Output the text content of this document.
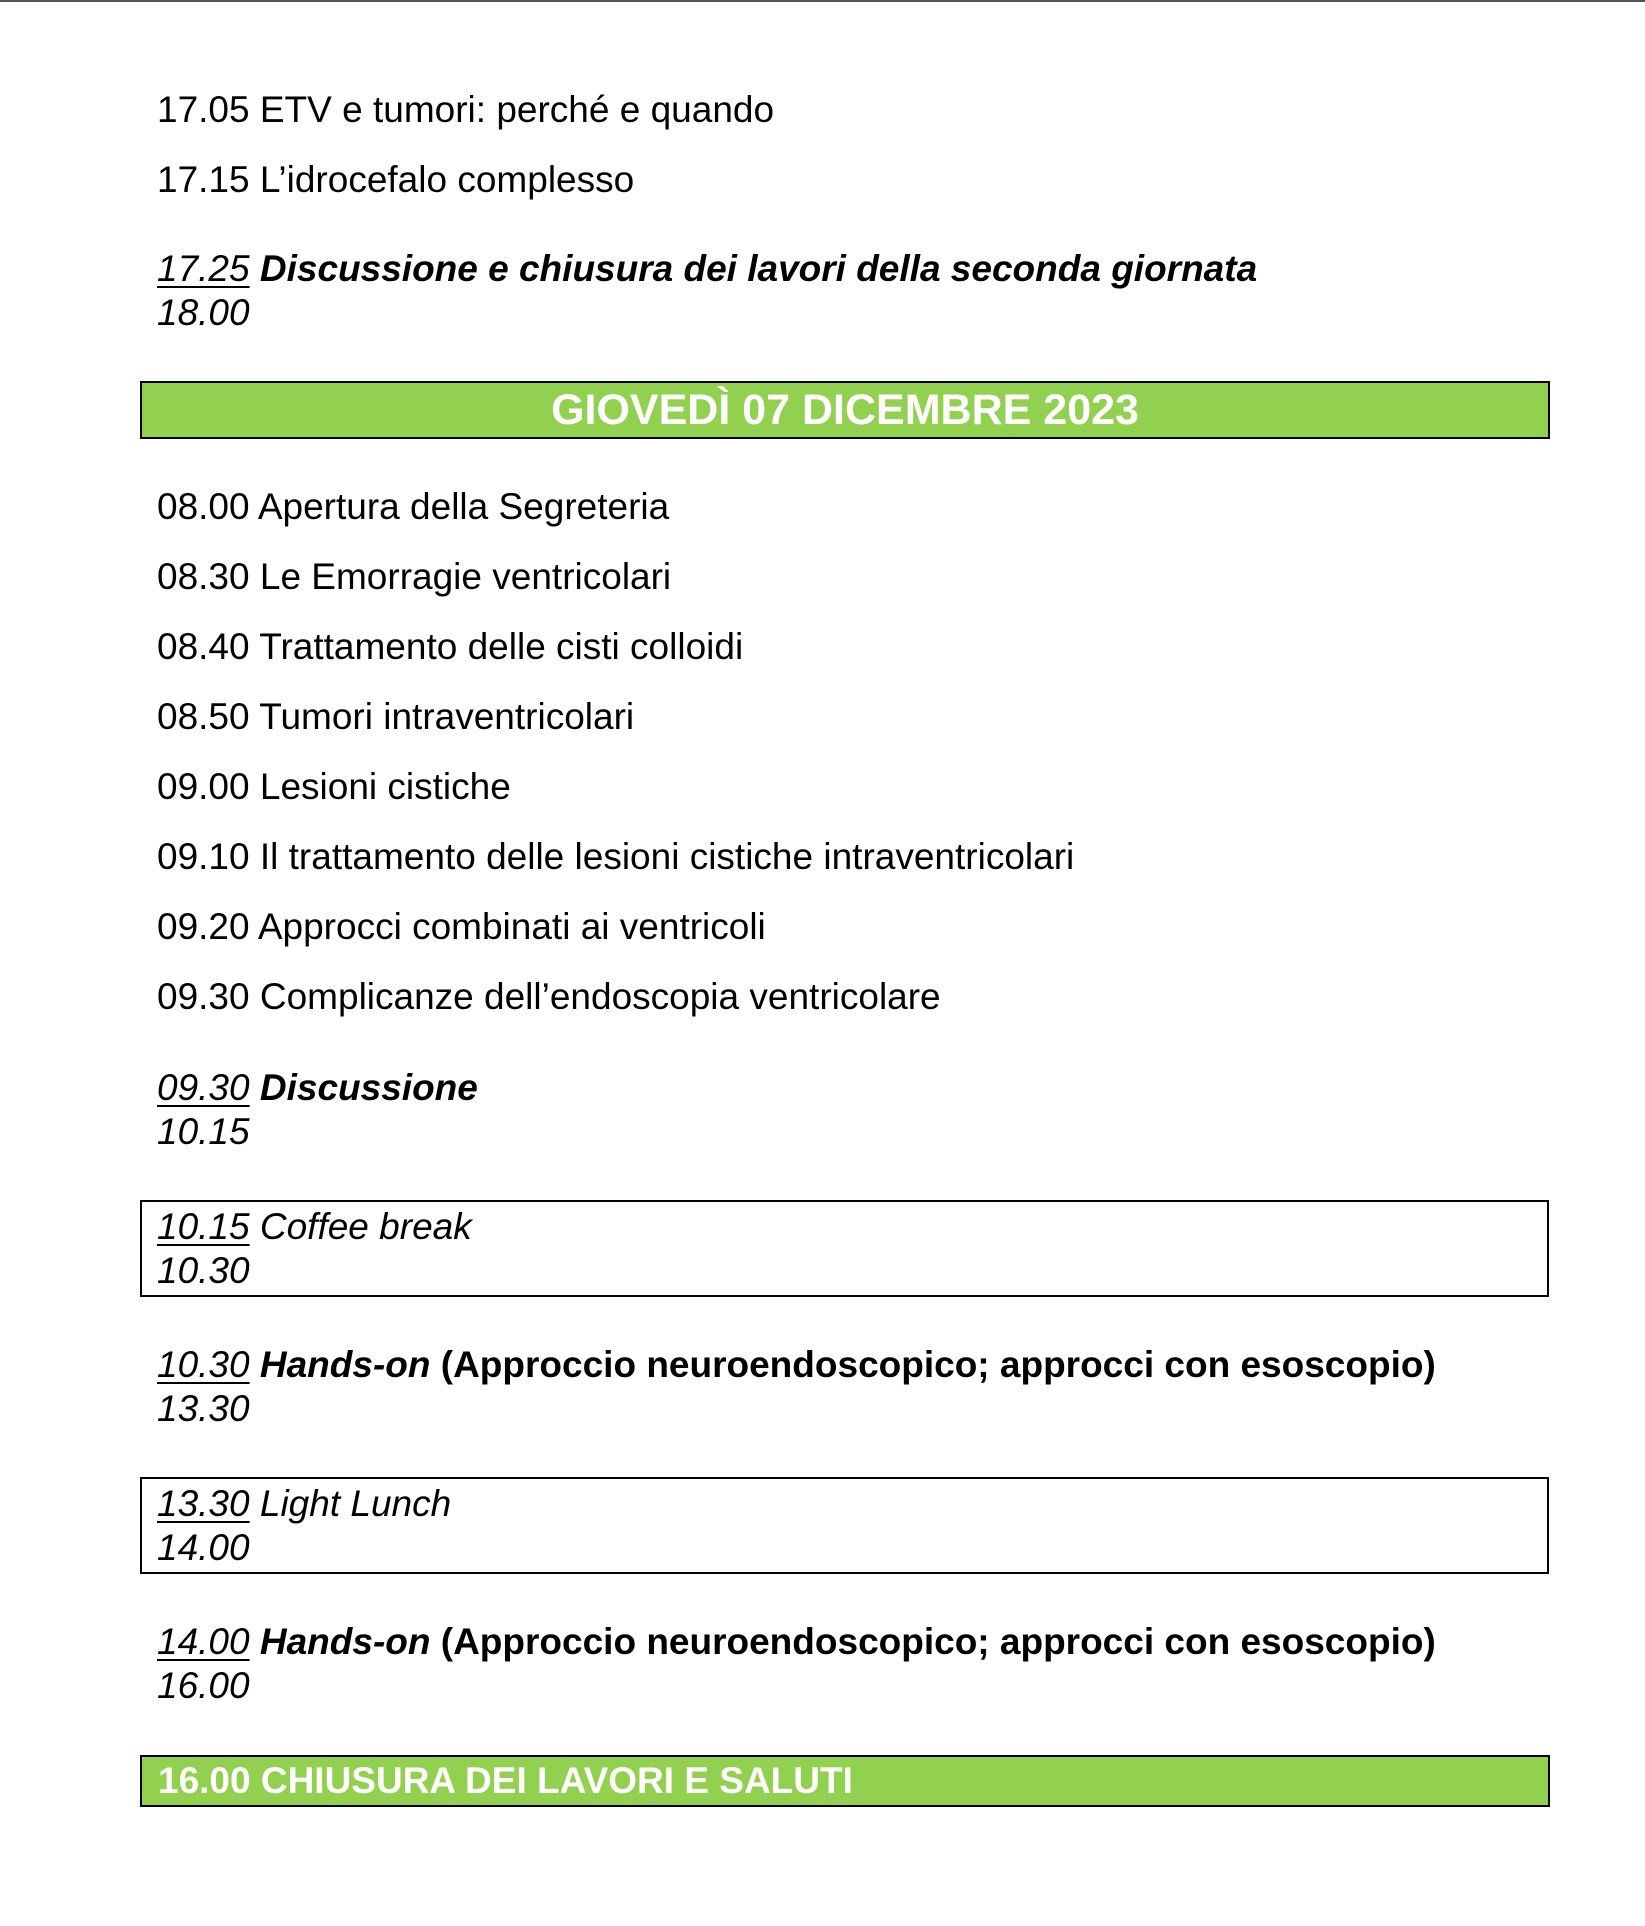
17.05 ETV e tumori: perché e quando
17.15 L’idrocefalo complesso
17.25 Discussione e chiusura dei lavori della seconda giornata
18.00
GIOVEDÌ 07 DICEMBRE 2023
08.00 Apertura della Segreteria
08.30 Le Emorragie ventricolari
08.40 Trattamento delle cisti colloidi
08.50 Tumori intraventricolari
09.00 Lesioni cistiche
09.10 Il trattamento delle lesioni cistiche intraventricolari
09.20 Approcci combinati ai ventricoli
09.30 Complicanze dell’endoscopia ventricolare
09.30 Discussione
10.15
10.15 Coffee break
10.30
10.30 Hands-on (Approccio neuroendoscopico; approcci con esoscopio)
13.30
13.30 Light Lunch
14.00
14.00 Hands-on (Approccio neuroendoscopico; approcci con esoscopio)
16.00
16.00 CHIUSURA DEI LAVORI E SALUTI
